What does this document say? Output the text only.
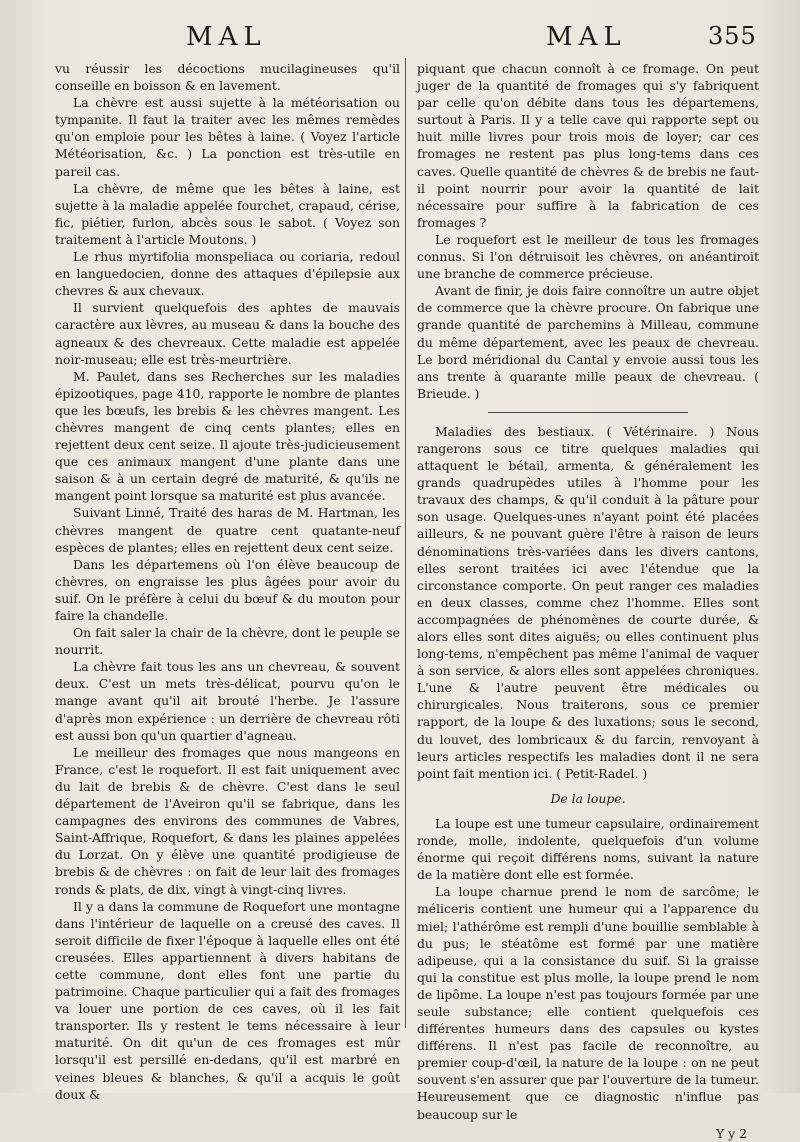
MAL	MAL	355

vu réussir les décoctions mucilagineuses qu'il conseille en boisson & en lavement.

La chèvre est aussi sujette à la météorisation ou tympanite. Il faut la traiter avec les mêmes remèdes qu'on emploie pour les bêtes à laine. ( Voyez l'article Météorisation, &c. ) La ponction est très-utile en pareil cas.

La chèvre, de même que les bêtes à laine, est sujette à la maladie appelée fourchet, crapaud, cérise, fic, piétier, furlon, abcès sous le sabot. ( Voyez son traitement à l'article Moutons. )

Le rhus myrtifolia monspeliaca ou coriaria, redoul en languedocien, donne des attaques d'épilepsie aux chevres & aux chevaux.

Il survient quelquefois des aphtes de mauvais caractère aux lèvres, au museau & dans la bouche des agneaux & des chevreaux. Cette maladie est appelée noir-museau; elle est très-meurtrière.

M. Paulet, dans ses Recherches sur les maladies épizootiques, page 410, rapporte le nombre de plantes que les bœufs, les brebis & les chèvres mangent. Les chèvres mangent de cinq cents plantes; elles en rejettent deux cent seize. Il ajoute très-judicieusement que ces animaux mangent d'une plante dans une saison & à un certain degré de maturité, & qu'ils ne mangent point lorsque sa maturité est plus avancée.

Suivant Linné, Traité des haras de M. Hartman, les chèvres mangent de quatre cent quatante-neuf espèces de plantes; elles en rejettent deux cent seize.

Dans les départemens où l'on élève beaucoup de chèvres, on engraisse les plus âgées pour avoir du suif. On le préfère à celui du bœuf & du mouton pour faire la chandelle.

On fait saler la chair de la chèvre, dont le peuple se nourrit.

La chèvre fait tous les ans un chevreau, & souvent deux. C'est un mets très-délicat, pourvu qu'on le mange avant qu'il ait brouté l'herbe. Je l'assure d'après mon expérience : un derrière de chevreau rôti est aussi bon qu'un quartier d'agneau.

Le meilleur des fromages que nous mangeons en France, c'est le roquefort. Il est fait uniquement avec du lait de brebis & de chèvre. C'est dans le seul département de l'Aveiron qu'il se fabrique, dans les campagnes des environs des communes de Vabres, Saint-Affrique, Roquefort, & dans les plaines appelées du Lorzat. On y élève une quantité prodigieuse de brebis & de chèvres : on fait de leur lait des fromages ronds & plats, de dix, vingt à vingt-cinq livres.

Il y a dans la commune de Roquefort une montagne dans l'intérieur de laquelle on a creusé des caves. Il seroit difficile de fixer l'époque à laquelle elles ont été creusées. Elles appartiennent à divers habitans de cette commune, dont elles font une partie du patrimoine. Chaque particulier qui a fait des fromages va louer une portion de ces caves, où il les fait transporter. Ils y restent le tems nécessaire à leur maturité. On dit qu'un de ces fromages est mûr lorsqu'il est persillé en-dedans, qu'il est marbré en veines bleues & blanches, & qu'il a acquis le goût doux &

piquant que chacun connoît à ce fromage. On peut juger de la quantité de fromages qui s'y fabriquent par celle qu'on débite dans tous les départemens, surtout à Paris. Il y a telle cave qui rapporte sept ou huit mille livres pour trois mois de loyer; car ces fromages ne restent pas plus long-tems dans ces caves. Quelle quantité de chèvres & de brebis ne faut-il point nourrir pour avoir la quantité de lait nécessaire pour suffire à la fabrication de ces fromages ?

Le roquefort est le meilleur de tous les fromages connus. Si l'on détruisoit les chèvres, on anéantiroit une branche de commerce précieuse.

Avant de finir, je dois faire connoître un autre objet de commerce que la chèvre procure. On fabrique une grande quantité de parchemins à Milleau, commune du même département, avec les peaux de chevreau. Le bord méridional du Cantal y envoie aussi tous les ans trente à quarante mille peaux de chevreau. ( Brieude. )

Maladies des bestiaux. ( Vétérinaire. ) Nous rangerons sous ce titre quelques maladies qui attaquent le bétail, armenta, & généralement les grands quadrupèdes utiles à l'homme pour les travaux des champs, & qu'il conduit à la pâture pour son usage. Quelques-unes n'ayant point été placées ailleurs, & ne pouvant guère l'être à raison de leurs dénominations très-variées dans les divers cantons, elles seront traitées ici avec l'étendue que la circonstance comporte. On peut ranger ces maladies en deux classes, comme chez l'homme. Elles sont accompagnées de phénomènes de courte durée, & alors elles sont dites aiguës; ou elles continuent plus long-tems, n'empêchent pas même l'animal de vaquer à son service, & alors elles sont appelées chroniques. L'une & l'autre peuvent être médicales ou chirurgicales. Nous traiterons, sous ce premier rapport, de la loupe & des luxations; sous le second, du louvet, des lombricaux & du farcin, renvoyant à leurs articles respectifs les maladies dont il ne sera point fait mention ici. ( Petit-Radel. )

De la loupe.

La loupe est une tumeur capsulaire, ordinairement ronde, molle, indolente, quelquefois d'un volume énorme qui reçoit différens noms, suivant la nature de la matière dont elle est formée.

La loupe charnue prend le nom de sarcôme; le méliceris contient une humeur qui a l'apparence du miel; l'athérôme est rempli d'une bouillie semblable à du pus; le stéatôme est formé par une matière adipeuse, qui a la consistance du suif. Si la graisse qui la constitue est plus molle, la loupe prend le nom de lipôme. La loupe n'est pas toujours formée par une seule substance; elle contient quelquefois ces différentes humeurs dans des capsules ou kystes différens. Il n'est pas facile de reconnoître, au premier coup-d'œil, la nature de la loupe : on ne peut souvent s'en assurer que par l'ouverture de la tumeur. Heureusement que ce diagnostic n'influe pas beaucoup sur le

Y y 2
